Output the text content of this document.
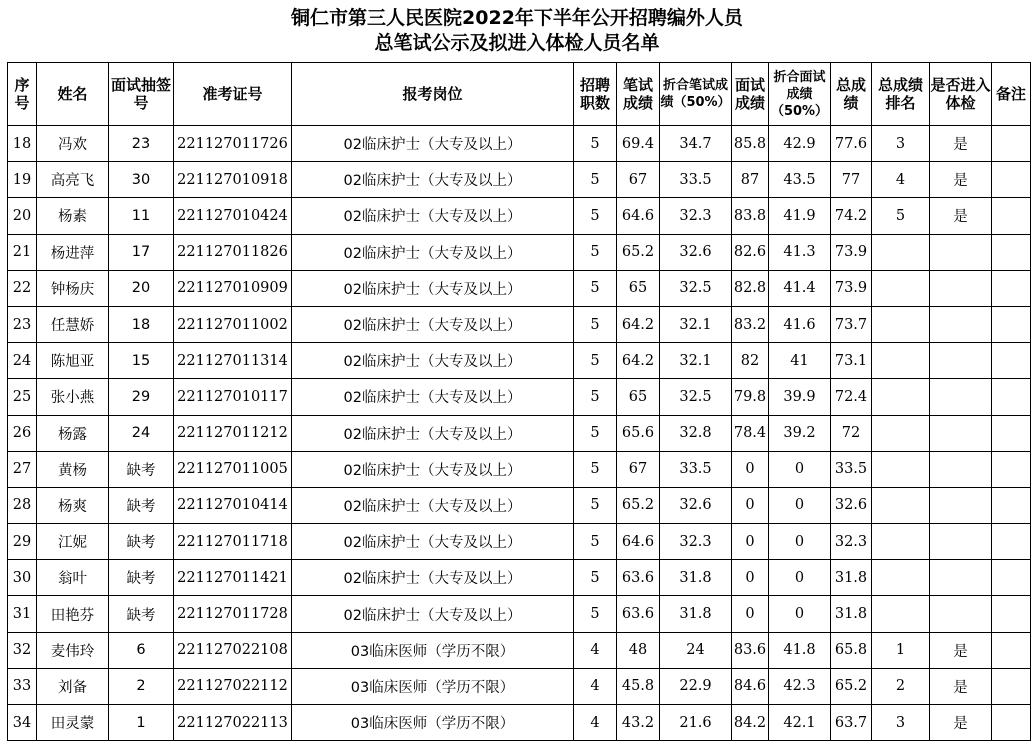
铜仁市第三人民医院2022年下半年公开招聘编外人员
总笔试公示及拟进入体检人员名单
序号	姓名	面试抽签号	准考证号	报考岗位	招聘职数	笔试成绩	折合笔试成绩（50%）	面试成绩	折合面试成绩（50%）	总成绩	总成绩排名	是否进入体检	备注
18	冯欢	23	221127011726	02临床护士（大专及以上）	5	69.4	34.7	85.8	42.9	77.6	3	是	
19	高亮飞	30	221127010918	02临床护士（大专及以上）	5	67	33.5	87	43.5	77	4	是	
20	杨素	11	221127010424	02临床护士（大专及以上）	5	64.6	32.3	83.8	41.9	74.2	5	是	
21	杨进萍	17	221127011826	02临床护士（大专及以上）	5	65.2	32.6	82.6	41.3	73.9			
22	钟杨庆	20	221127010909	02临床护士（大专及以上）	5	65	32.5	82.8	41.4	73.9			
23	任慧娇	18	221127011002	02临床护士（大专及以上）	5	64.2	32.1	83.2	41.6	73.7			
24	陈旭亚	15	221127011314	02临床护士（大专及以上）	5	64.2	32.1	82	41	73.1			
25	张小燕	29	221127010117	02临床护士（大专及以上）	5	65	32.5	79.8	39.9	72.4			
26	杨露	24	221127011212	02临床护士（大专及以上）	5	65.6	32.8	78.4	39.2	72			
27	黄杨	缺考	221127011005	02临床护士（大专及以上）	5	67	33.5	0	0	33.5			
28	杨爽	缺考	221127010414	02临床护士（大专及以上）	5	65.2	32.6	0	0	32.6			
29	江妮	缺考	221127011718	02临床护士（大专及以上）	5	64.6	32.3	0	0	32.3			
30	翁叶	缺考	221127011421	02临床护士（大专及以上）	5	63.6	31.8	0	0	31.8			
31	田艳芬	缺考	221127011728	02临床护士（大专及以上）	5	63.6	31.8	0	0	31.8			
32	麦伟玲	6	221127022108	03临床医师（学历不限）	4	48	24	83.6	41.8	65.8	1	是	
33	刘备	2	221127022112	03临床医师（学历不限）	4	45.8	22.9	84.6	42.3	65.2	2	是	
34	田灵蒙	1	221127022113	03临床医师（学历不限）	4	43.2	21.6	84.2	42.1	63.7	3	是	
